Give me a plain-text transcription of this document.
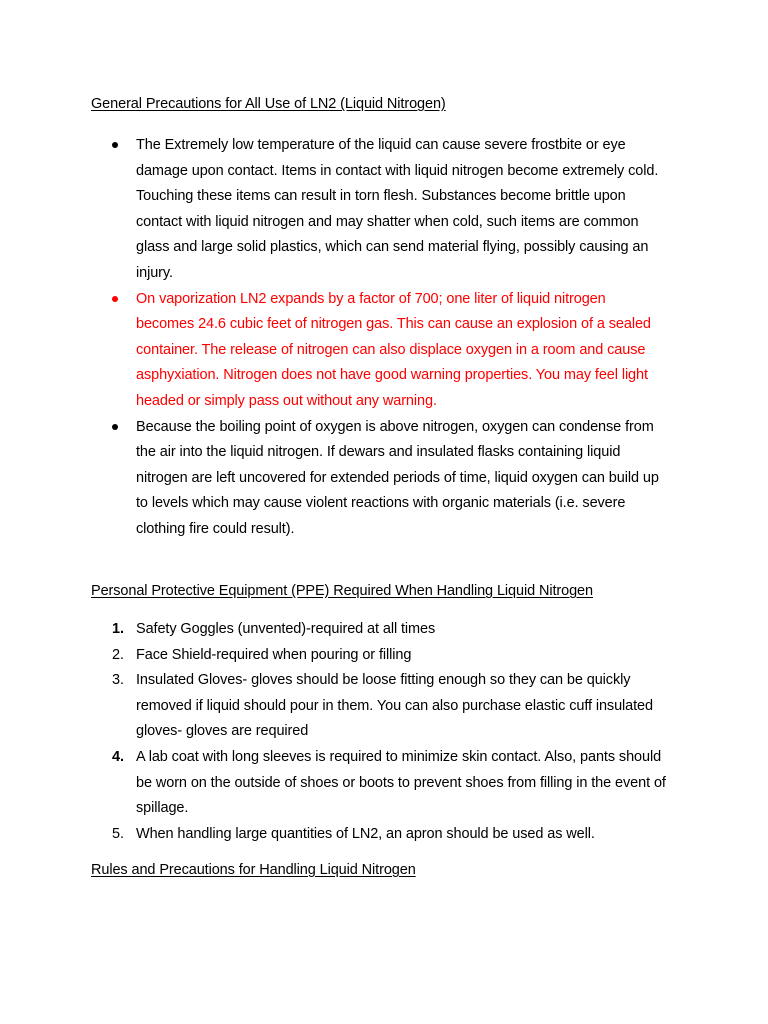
General Precautions for All Use of LN2 (Liquid Nitrogen)
The Extremely low temperature of the liquid can cause severe frostbite or eye damage upon contact. Items in contact with liquid nitrogen become extremely cold. Touching these items can result in torn flesh. Substances become brittle upon contact with liquid nitrogen and may shatter when cold, such items are common glass and large solid plastics, which can send material flying, possibly causing an injury.
On vaporization LN2 expands by a factor of 700; one liter of liquid nitrogen becomes 24.6 cubic feet of nitrogen gas. This can cause an explosion of a sealed container. The release of nitrogen can also displace oxygen in a room and cause asphyxiation. Nitrogen does not have good warning properties. You may feel light headed or simply pass out without any warning.
Because the boiling point of oxygen is above nitrogen, oxygen can condense from the air into the liquid nitrogen. If dewars and insulated flasks containing liquid nitrogen are left uncovered for extended periods of time, liquid oxygen can build up to levels which may cause violent reactions with organic materials (i.e. severe clothing fire could result).
Personal Protective Equipment (PPE) Required When Handling Liquid Nitrogen
1. Safety Goggles (unvented)-required at all times
2. Face Shield-required when pouring or filling
3. Insulated Gloves- gloves should be loose fitting enough so they can be quickly removed if liquid should pour in them. You can also purchase elastic cuff insulated gloves- gloves are required
4. A lab coat with long sleeves is required to minimize skin contact. Also, pants should be worn on the outside of shoes or boots to prevent shoes from filling in the event of spillage.
5. When handling large quantities of LN2, an apron should be used as well.
Rules and Precautions for Handling Liquid Nitrogen
